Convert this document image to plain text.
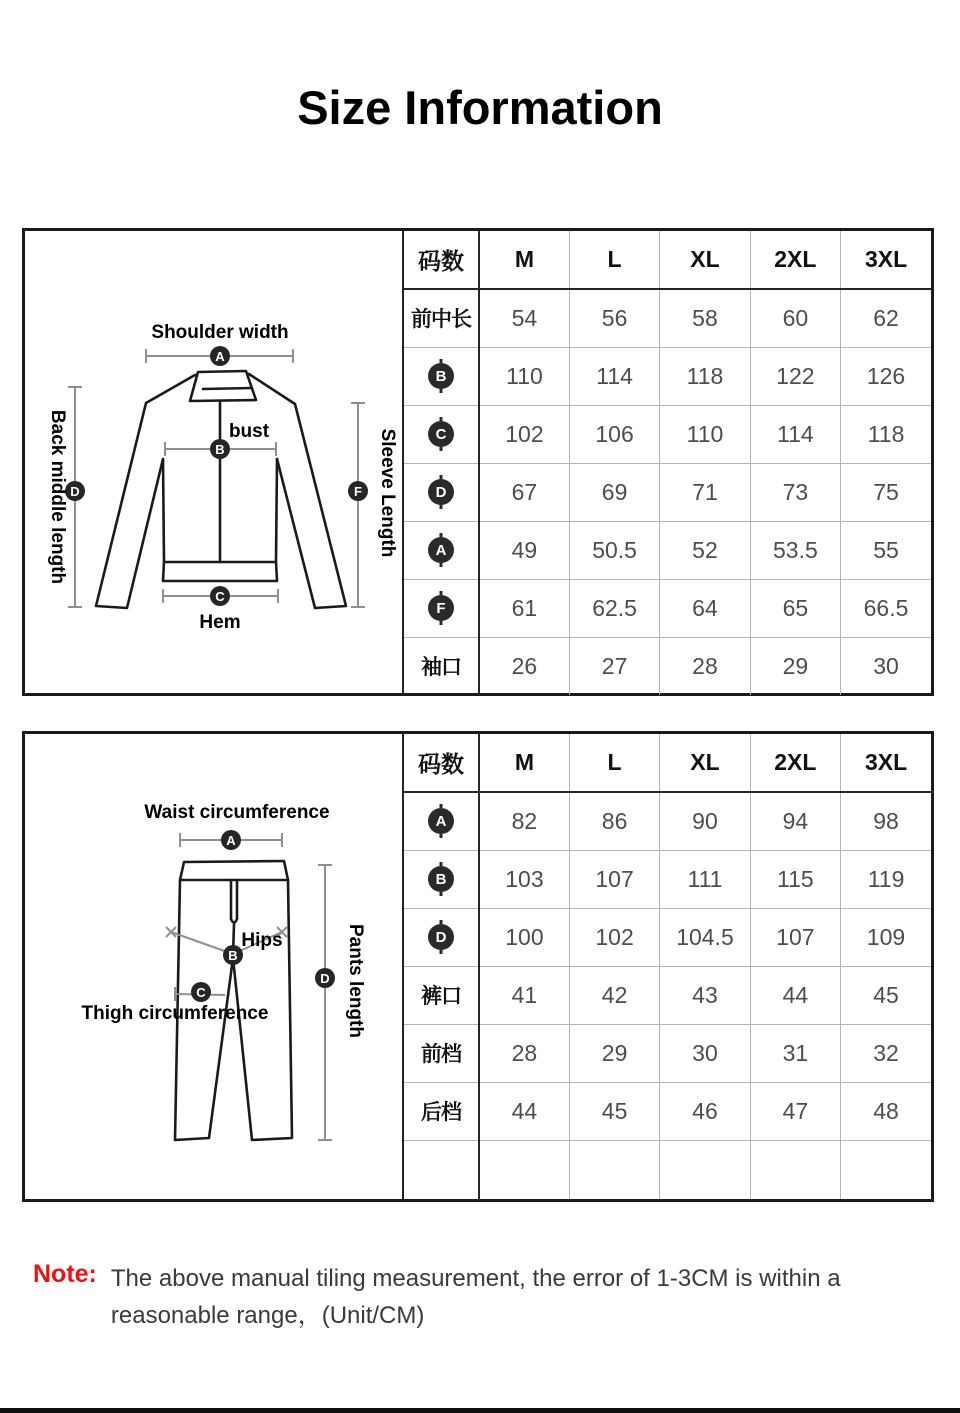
Size Information
A
B
C
D	F
Shoulder width
bust
Hem
Back middle length	Sleeve Length
码数	M	L	XL	2XL	3XL
前中长	54	56	58	60	62
B	110	114	118	122	126
C	102	106	110	114	118
D	67	69	71	73	75
A	49	50.5	52	53.5	55
F	61	62.5	64	65	66.5
袖口	26	27	28	29	30
A
B
C
D
Waist circumference
Hips
Thigh circumference	Pants length
码数	M	L	XL	2XL	3XL
A	82	86	90	94	98
B	103	107	111	115	119
D	100	102	104.5	107	109
裤口	41	42	43	44	45
前档	28	29	30	31	32
后档	44	45	46	47	48

Note: The above manual tiling measurement, the error of 1-3CM is within a
reasonable range，(Unit/CM)
